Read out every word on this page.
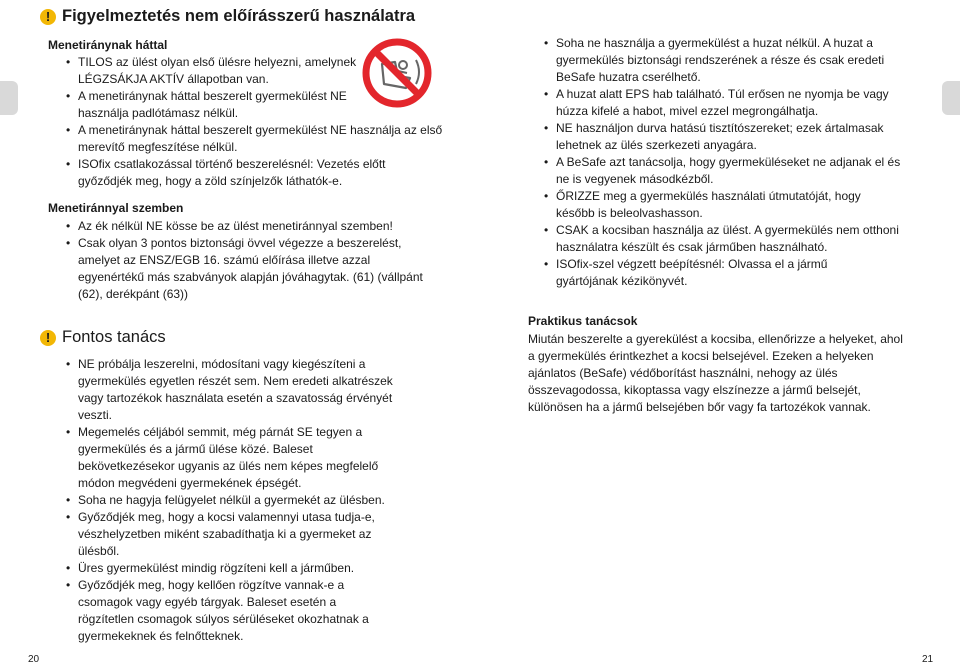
! Figyelmeztetés nem előírásszerű használatra
Menetiránynak háttal
• TILOS az ülést olyan első ülésre helyezni, amelynek LÉGZSÁKJA AKTÍV állapotban van.
• A menetiránynak háttal beszerelt gyermekülést NE használja padlótámasz nélkül.
• A menetiránynak háttal beszerelt gyermekülést NE használja az első merevítő megfeszítése nélkül.
• ISOfix csatlakozással történő beszerelésnél: Vezetés előtt győződjék meg, hogy a zöld színjelzők láthatók-e.
Menetiránnyal szemben
• Az ék nélkül NE kösse be az ülést menetiránnyal szemben!
• Csak olyan 3 pontos biztonsági övvel végezze a beszerelést, amelyet az ENSZ/EGB 16. számú előírása illetve azzal egyenértékű más szabványok alapján jóváhagytak. (61) (vállpánt (62), derékpánt (63))
! Fontos tanács
• NE próbálja leszerelni, módosítani vagy kiegészíteni a gyermekülés egyetlen részét sem. Nem eredeti alkatrészek vagy tartozékok használata esetén a szavatosság érvényét veszti.
• Megemelés céljából semmit, még párnát SE tegyen a gyermekülés és a jármű ülése közé. Baleset bekövetkezésekor ugyanis az ülés nem képes megfelelő módon megvédeni gyermekének épségét.
• Soha ne hagyja felügyelet nélkül a gyermekét az ülésben.
• Győződjék meg, hogy a kocsi valamennyi utasa tudja-e, vészhelyzetben miként szabadíthatja ki a gyermeket az ülésből.
• Üres gyermekülést mindig rögzíteni kell a járműben.
• Győződjék meg, hogy kellően rögzítve vannak-e a csomagok vagy egyéb tárgyak. Baleset esetén a rögzítetlen csomagok súlyos sérüléseket okozhatnak a gyermekeknek és felnőtteknek.
20
• Soha ne használja a gyermekülést a huzat nélkül. A huzat a gyermekülés biztonsági rendszerének a része és csak eredeti BeSafe huzatra cserélhető.
• A huzat alatt EPS hab található. Túl erősen ne nyomja be vagy húzza kifelé a habot, mivel ezzel megrongálhatja.
• NE használjon durva hatású tisztítószereket; ezek ártalmasak lehetnek az ülés szerkezeti anyagára.
• A BeSafe azt tanácsolja, hogy gyermeküléseket ne adjanak el és ne is vegyenek másodkézből.
• ŐRIZZE meg a gyermekülés használati útmutatóját, hogy később is beleolvashasson.
• CSAK a kocsiban használja az ülést. A gyermekülés nem otthoni használatra készült és csak járműben használható.
• ISOfix-szel végzett beépítésnél: Olvassa el a jármű gyártójának kézikönyvét.
Praktikus tanácsok
Miután beszerelte a gyerekülést a kocsiba, ellenőrizze a helyeket, ahol a gyermekülés érintkezhet a kocsi belsejével. Ezeken a helyeken ajánlatos (BeSafe) védőborítást használni, nehogy az ülés összevagodossa, kikoptassa vagy elszínezze a jármű belsejét, különösen ha a jármű belsejében bőr vagy fa tartozékok vannak.
21
